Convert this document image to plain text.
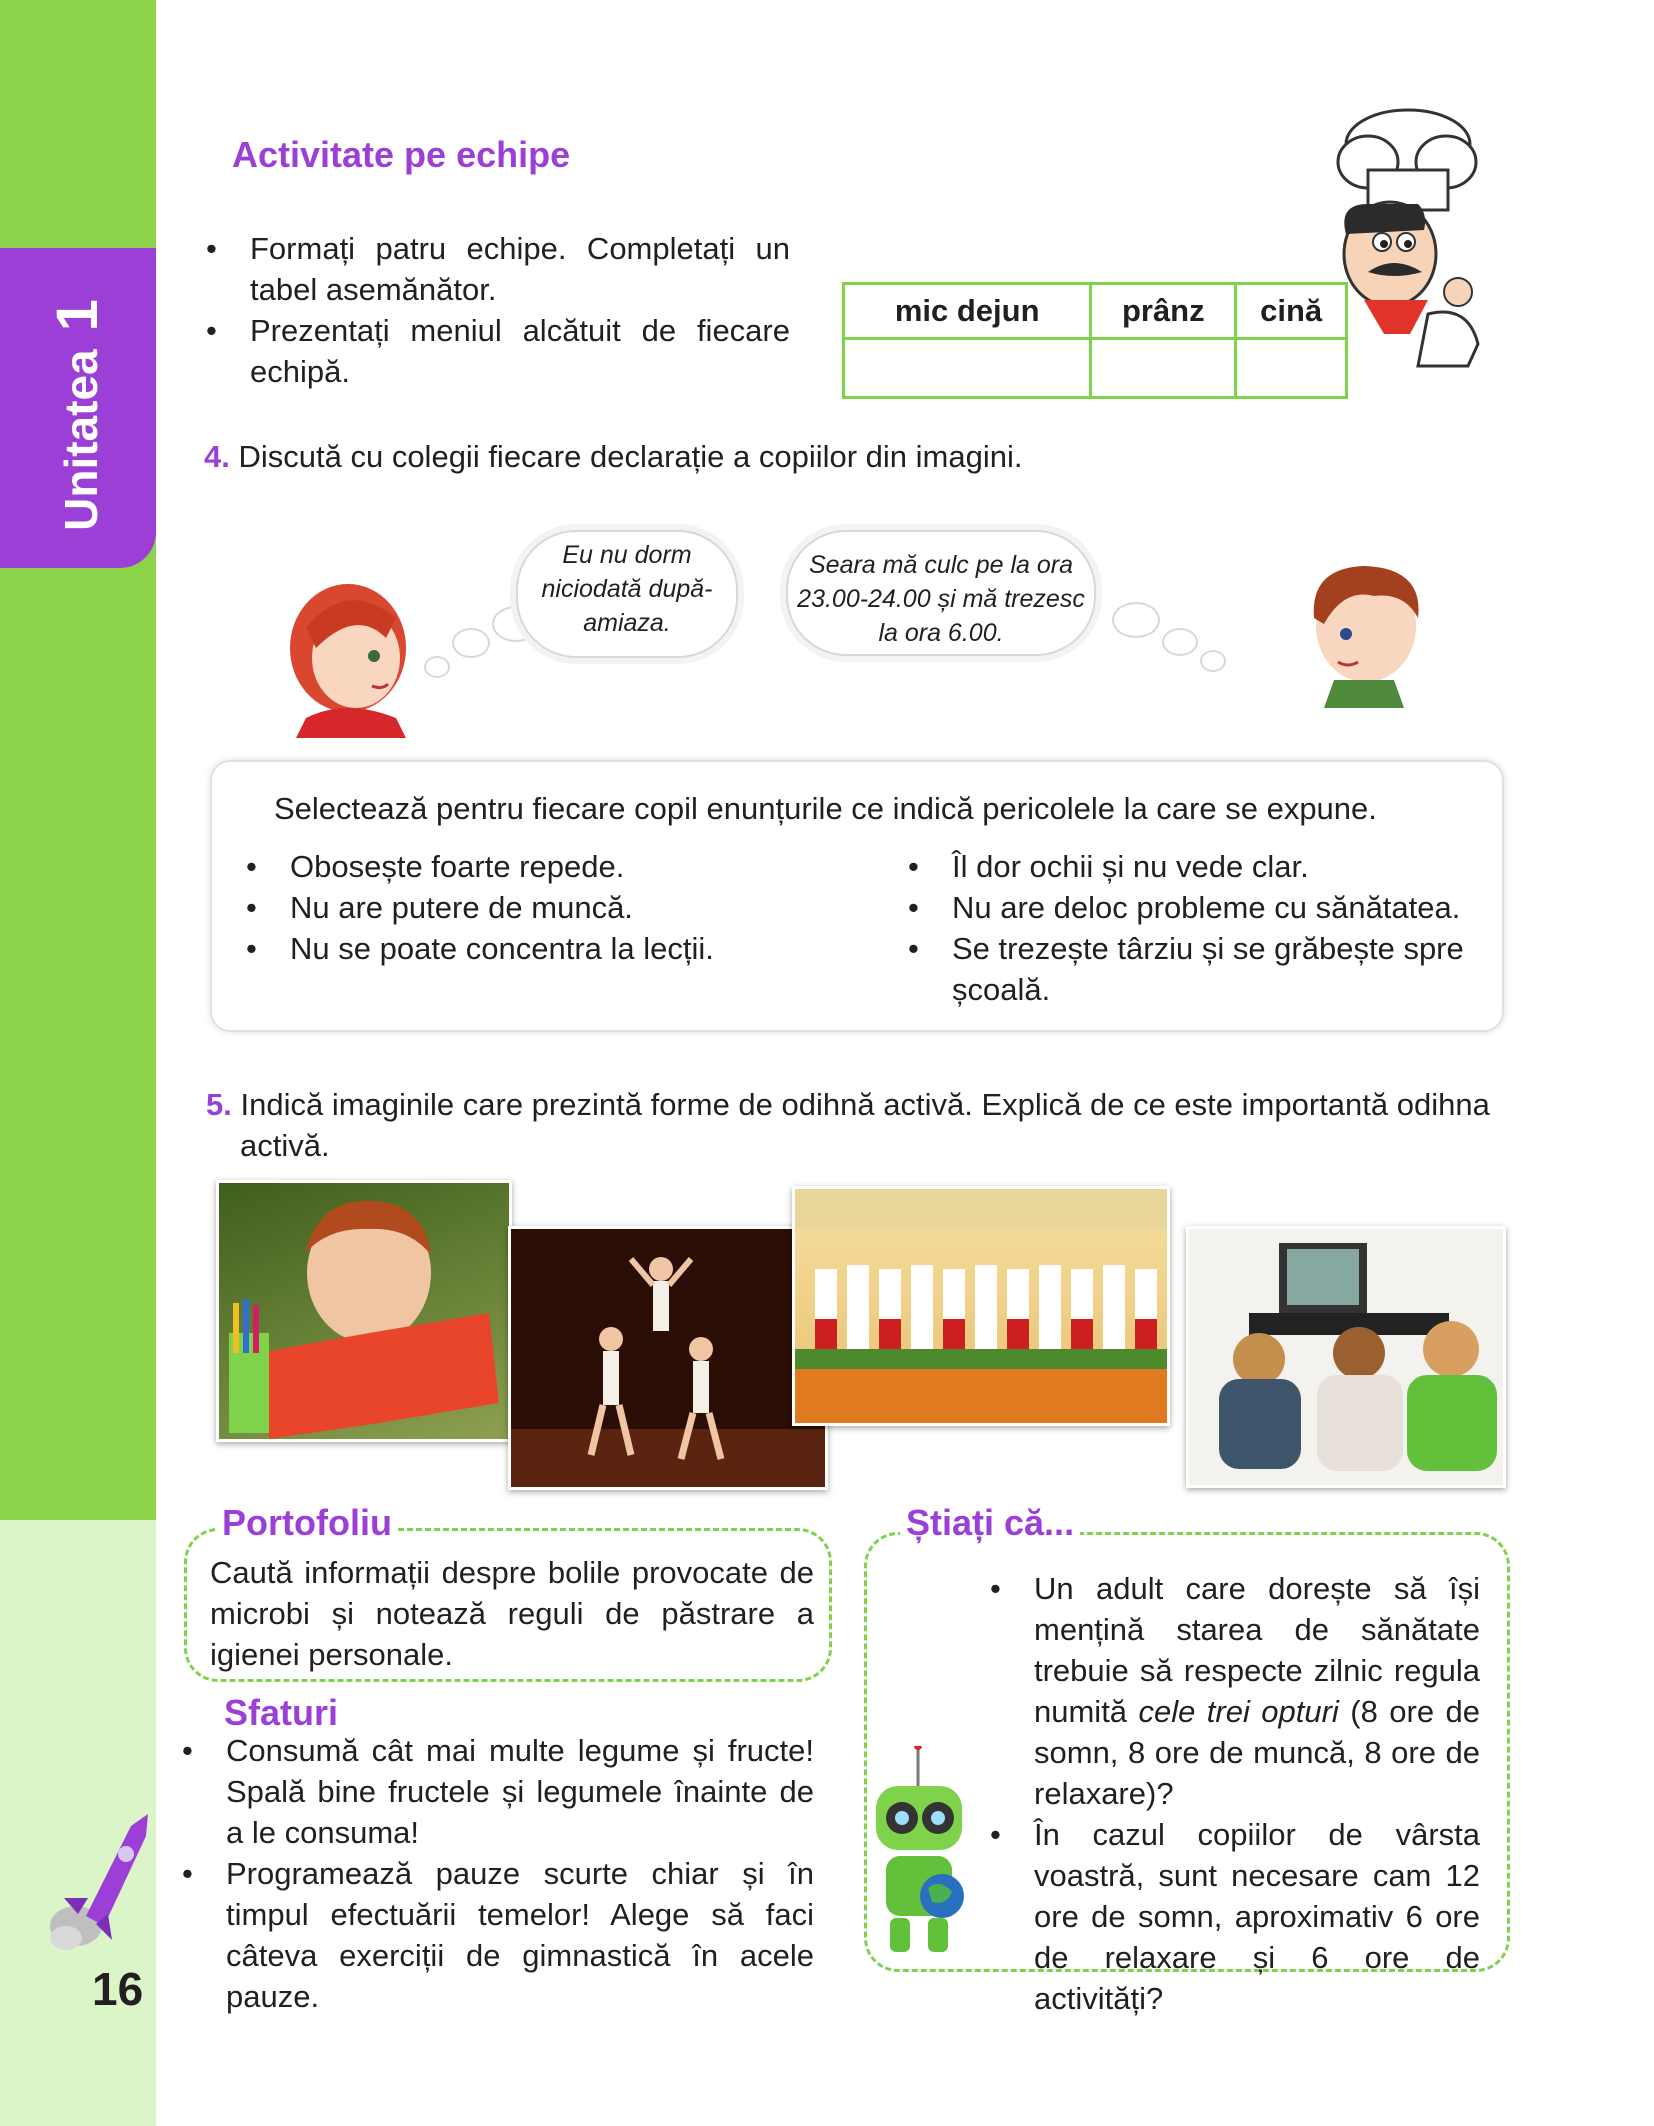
Unitatea1
16
Activitate pe echipe
• Formați patru echipe. Completați un tabel asemănător.
• Prezentați meniul alcătuit de fiecare echipă.
mic dejun	prânz	cină

4. Discută cu colegii fiecare declarație a copiilor din imagini.
Eu nu dorm niciodată după-amiaza.
Seara mă culc pe la ora 23.00-24.00 și mă trezesc la ora 6.00.
Selectează pentru fiecare copil enunțurile ce indică pericolele la care se expune.
• Obosește foarte repede.
• Nu are putere de muncă.
• Nu se poate concentra la lecții.
• Îl dor ochii și nu vede clar.
• Nu are deloc probleme cu sănătatea.
• Se trezește târziu și se grăbește spre școală.
5. Indică imaginile care prezintă forme de odihnă activă. Explică de ce este importantă odihna activă.
Portofoliu
Caută informații despre bolile provocate de microbi și notează reguli de păstrare a igienei personale.
Sfaturi
• Consumă cât mai multe legume și fructe! Spală bine fructele și legumele înainte de a le consuma!
• Programează pauze scurte chiar și în timpul efectuării temelor! Alege să faci câteva exerciții de gimnastică în acele pauze.
Știați că...
• Un adult care dorește să își mențină starea de sănătate trebuie să respecte zilnic regula numită cele trei opturi (8 ore de somn, 8 ore de muncă, 8 ore de relaxare)?
• În cazul copiilor de vârsta voastră, sunt necesare cam 12 ore de somn, aproximativ 6 ore de relaxare și 6 ore de activități?
